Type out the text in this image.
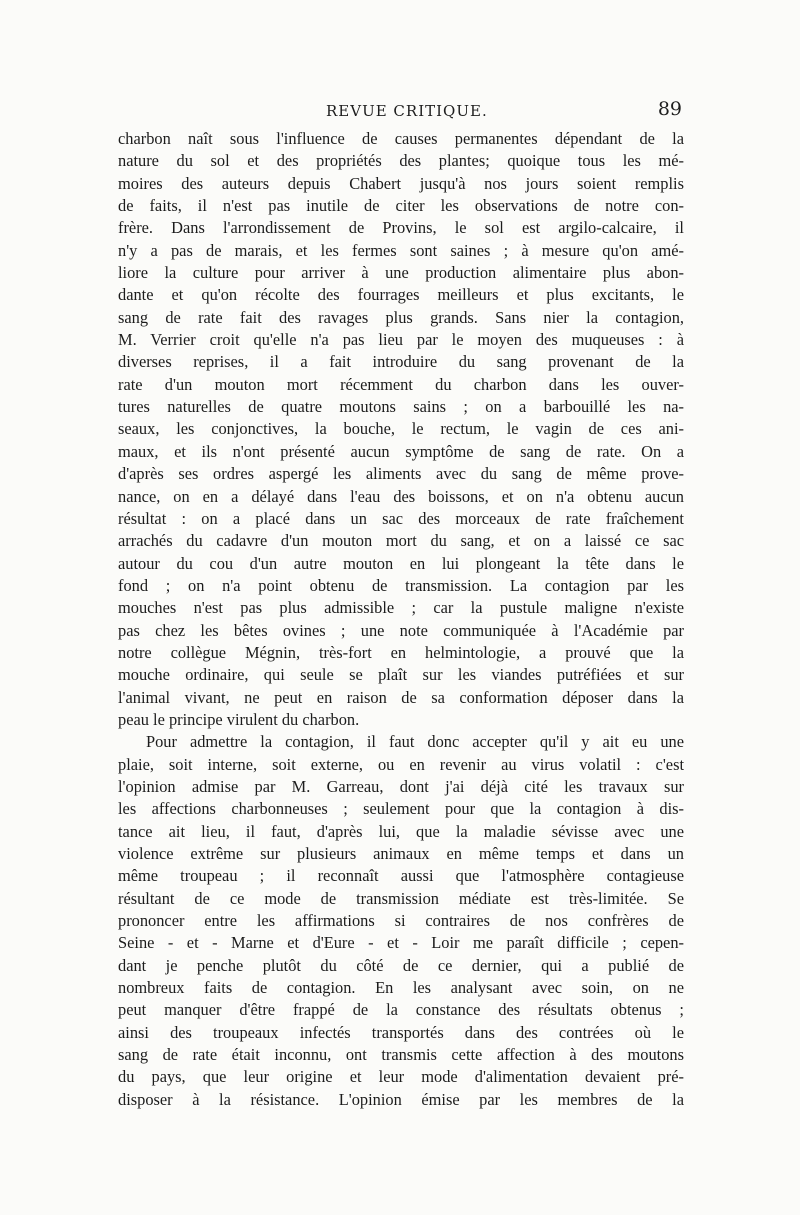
REVUE CRITIQUE.	89
charbon naît sous l'influence de causes permanentes dépendant de la
nature du sol et des propriétés des plantes; quoique tous les mé-
moires des auteurs depuis Chabert jusqu'à nos jours soient remplis
de faits, il n'est pas inutile de citer les observations de notre con-
frère. Dans l'arrondissement de Provins, le sol est argilo-calcaire, il
n'y a pas de marais, et les fermes sont saines ; à mesure qu'on amé-
liore la culture pour arriver à une production alimentaire plus abon-
dante et qu'on récolte des fourrages meilleurs et plus excitants, le
sang de rate fait des ravages plus grands. Sans nier la contagion,
M. Verrier croit qu'elle n'a pas lieu par le moyen des muqueuses : à
diverses reprises, il a fait introduire du sang provenant de la
rate d'un mouton mort récemment du charbon dans les ouver-
tures naturelles de quatre moutons sains ; on a barbouillé les na-
seaux, les conjonctives, la bouche, le rectum, le vagin de ces ani-
maux, et ils n'ont présenté aucun symptôme de sang de rate. On a
d'après ses ordres aspergé les aliments avec du sang de même prove-
nance, on en a délayé dans l'eau des boissons, et on n'a obtenu aucun
résultat : on a placé dans un sac des morceaux de rate fraîchement
arrachés du cadavre d'un mouton mort du sang, et on a laissé ce sac
autour du cou d'un autre mouton en lui plongeant la tête dans le
fond ; on n'a point obtenu de transmission. La contagion par les
mouches n'est pas plus admissible ; car la pustule maligne n'existe
pas chez les bêtes ovines ; une note communiquée à l'Académie par
notre collègue Mégnin, très-fort en helmintologie, a prouvé que la
mouche ordinaire, qui seule se plaît sur les viandes putréfiées et sur
l'animal vivant, ne peut en raison de sa conformation déposer dans la
peau le principe virulent du charbon.
Pour admettre la contagion, il faut donc accepter qu'il y ait eu une
plaie, soit interne, soit externe, ou en revenir au virus volatil : c'est
l'opinion admise par M. Garreau, dont j'ai déjà cité les travaux sur
les affections charbonneuses ; seulement pour que la contagion à dis-
tance ait lieu, il faut, d'après lui, que la maladie sévisse avec une
violence extrême sur plusieurs animaux en même temps et dans un
même troupeau ; il reconnaît aussi que l'atmosphère contagieuse
résultant de ce mode de transmission médiate est très-limitée. Se
prononcer entre les affirmations si contraires de nos confrères de
Seine - et - Marne et d'Eure - et - Loir me paraît difficile ; cepen-
dant je penche plutôt du côté de ce dernier, qui a publié de
nombreux faits de contagion. En les analysant avec soin, on ne
peut manquer d'être frappé de la constance des résultats obtenus ;
ainsi des troupeaux infectés transportés dans des contrées où le
sang de rate était inconnu, ont transmis cette affection à des moutons
du pays, que leur origine et leur mode d'alimentation devaient pré-
disposer à la résistance. L'opinion émise par les membres de la
